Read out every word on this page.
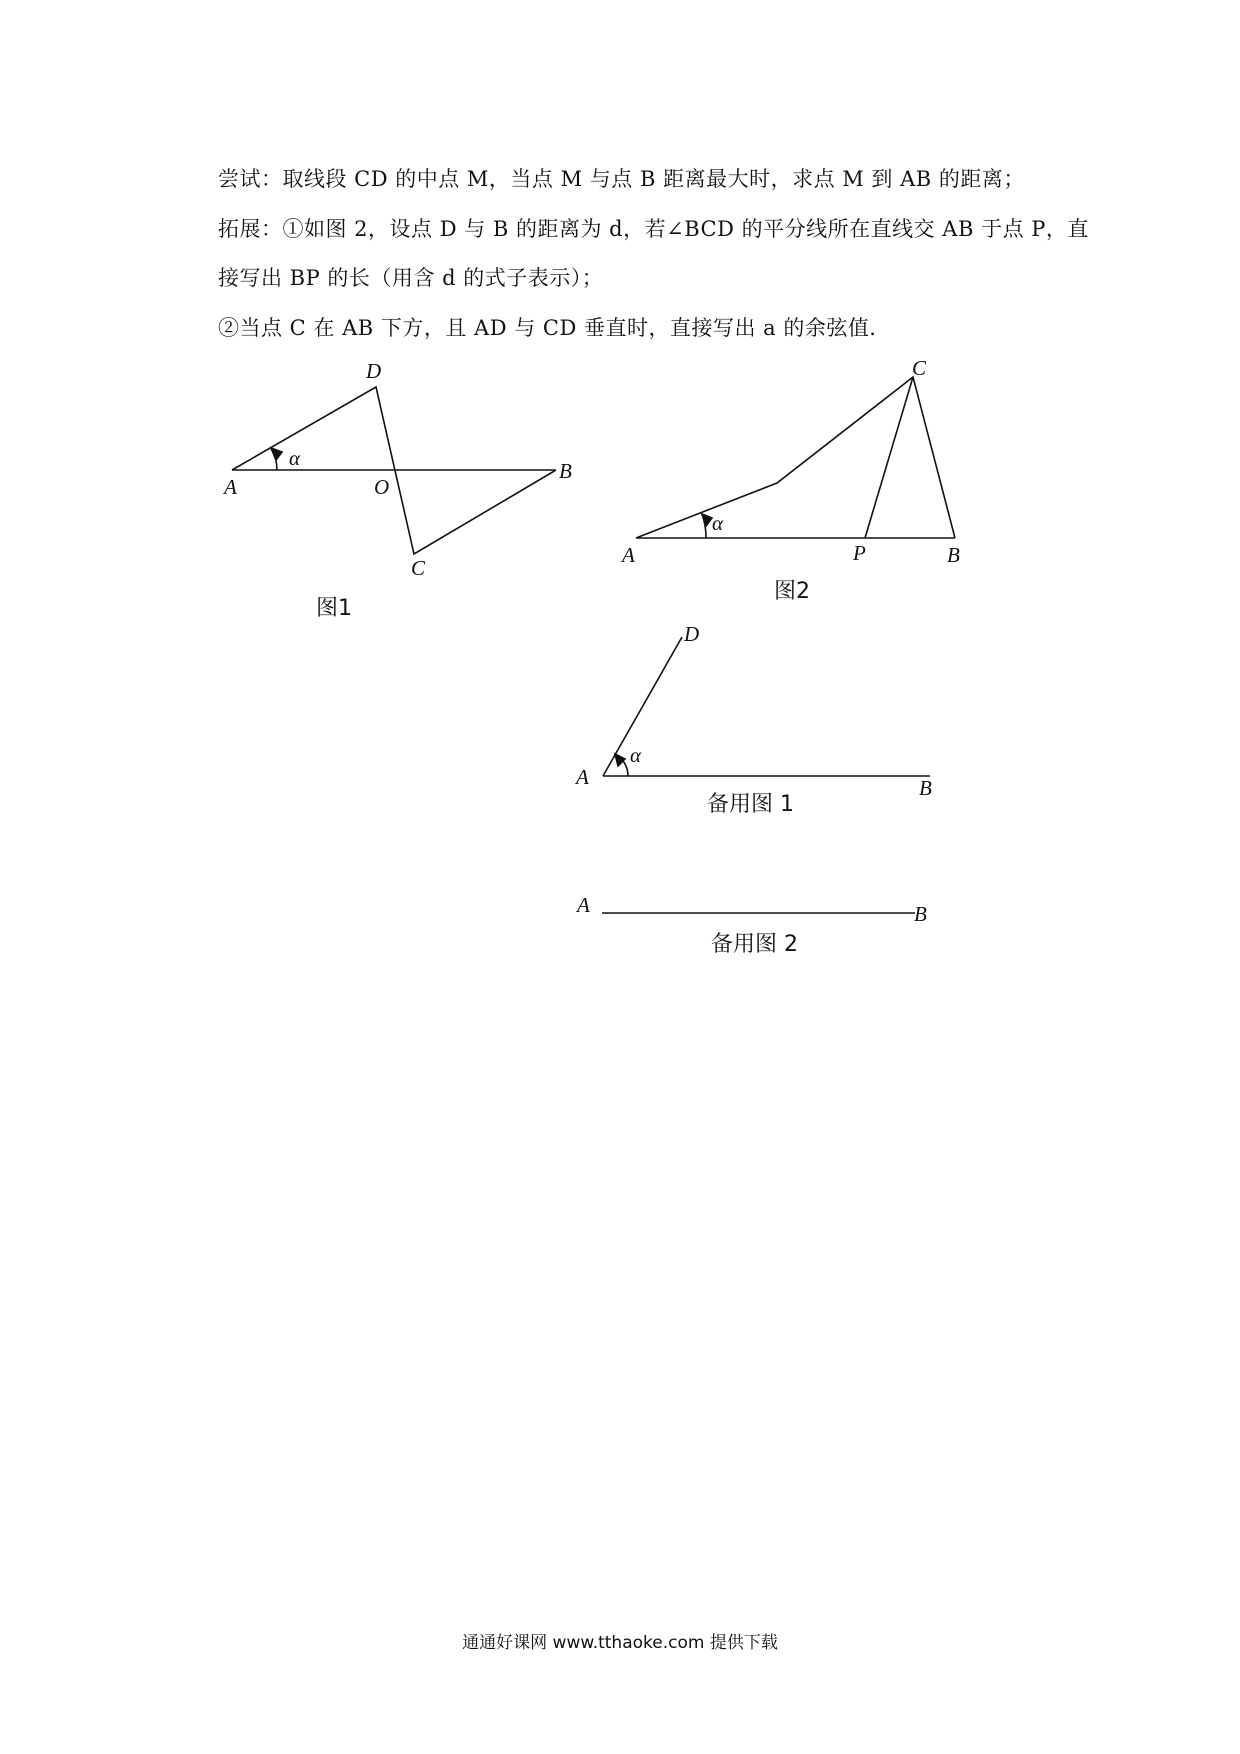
尝试：取线段 CD 的中点 M，当点 M 与点 B 距离最大时，求点 M 到 AB 的距离；
拓展：①如图 2，设点 D 与 B 的距离为 d，若∠BCD 的平分线所在直线交 AB 于点 P，直
接写出 BP 的长（用含 d 的式子表示）；
②当点 C 在 AB 下方，且 AD 与 CD 垂直时，直接写出 a 的余弦值．
A
B
C
D
O
α
图1
A	B
C
P
α
图2
A	B
D
α
备用图 1
A	B
备用图 2
通通好课网 www.tthaoke.com 提供下载
